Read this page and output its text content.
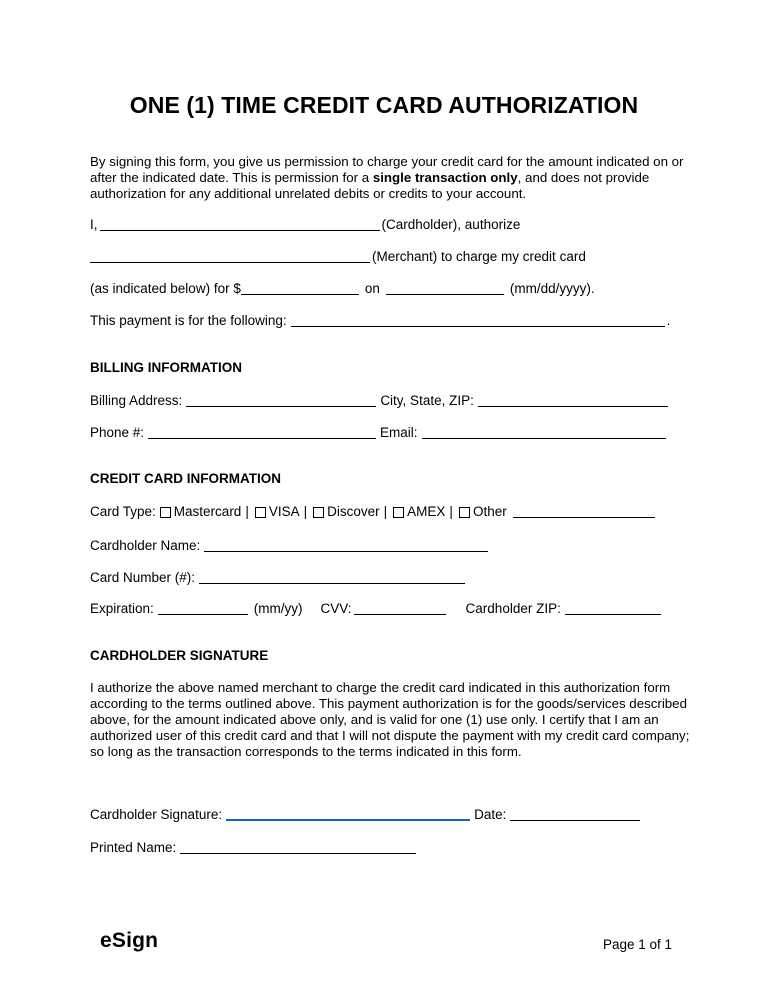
ONE (1) TIME CREDIT CARD AUTHORIZATION

By signing this form, you give us permission to charge your credit card for the amount indicated on or after the indicated date. This is permission for a single transaction only, and does not provide authorization for any additional unrelated debits or credits to your account.

I,	(Cardholder), authorize
(Merchant) to charge my credit card
(as indicated below) for $	on	(mm/dd/yyyy).
This payment is for the following:	.
BILLING INFORMATION
Billing Address:	City, State, ZIP:
Phone #:	Email:
CREDIT CARD INFORMATION
Card Type: Mastercard | VISA | Discover | AMEX | Other
Cardholder Name:
Card Number (#):
Expiration:	(mm/yy) CVV:	Cardholder ZIP:
CARDHOLDER SIGNATURE

I authorize the above named merchant to charge the credit card indicated in this authorization form according to the terms outlined above. This payment authorization is for the goods/services described above, for the amount indicated above only, and is valid for one (1) use only. I certify that I am an authorized user of this credit card and that I will not dispute the payment with my credit card company; so long as the transaction corresponds to the terms indicated in this form.

Cardholder Signature:	Date:
Printed Name:
eSign	Page 1 of 1
